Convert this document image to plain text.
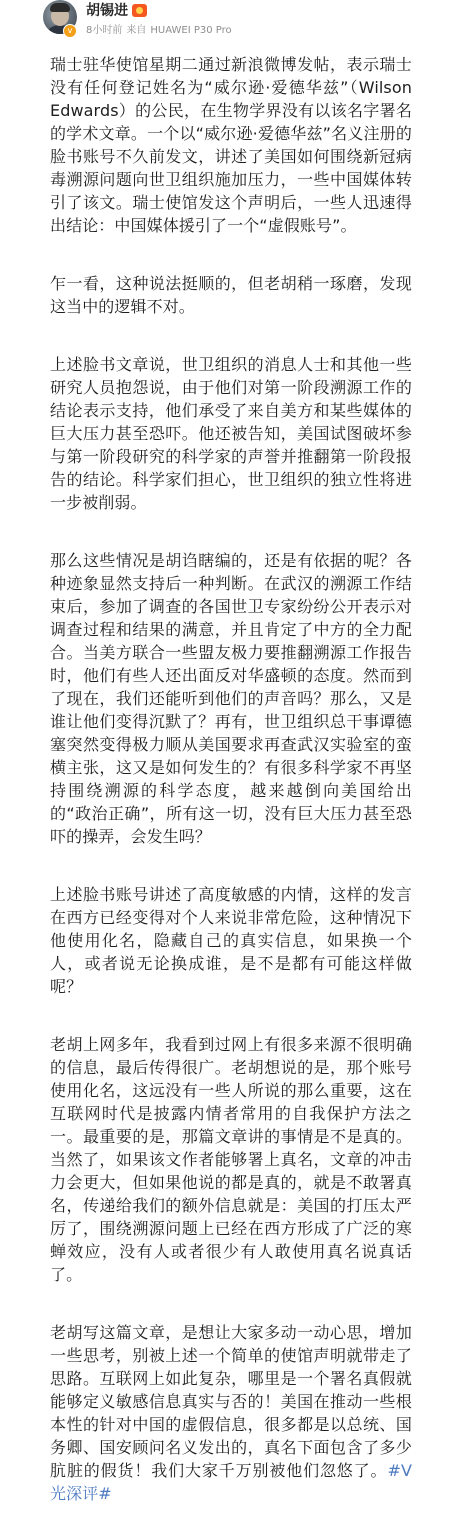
v
胡锡进
8小时前 来自 HUAWEI P30 Pro

瑞士驻华使馆星期二通过新浪微博发帖，表示瑞士没有任何登记姓名为“威尔逊·爱德华兹”（Wilson Edwards）的公民，在生物学界没有以该名字署名的学术文章。一个以“威尔逊·爱德华兹”名义注册的脸书账号不久前发文，讲述了美国如何围绕新冠病毒溯源问题向世卫组织施加压力，一些中国媒体转引了该文。瑞士使馆发这个声明后，一些人迅速得出结论：中国媒体援引了一个“虚假账号”。

乍一看，这种说法挺顺的，但老胡稍一琢磨，发现这当中的逻辑不对。

上述脸书文章说，世卫组织的消息人士和其他一些研究人员抱怨说，由于他们对第一阶段溯源工作的结论表示支持，他们承受了来自美方和某些媒体的巨大压力甚至恐吓。他还被告知，美国试图破坏参与第一阶段研究的科学家的声誉并推翻第一阶段报告的结论。科学家们担心，世卫组织的独立性将进一步被削弱。

那么这些情况是胡诌瞎编的，还是有依据的呢？各种迹象显然支持后一种判断。在武汉的溯源工作结束后，参加了调查的各国世卫专家纷纷公开表示对调查过程和结果的满意，并且肯定了中方的全力配合。当美方联合一些盟友极力要推翻溯源工作报告时，他们有些人还出面反对华盛顿的态度。然而到了现在，我们还能听到他们的声音吗？那么，又是谁让他们变得沉默了？再有，世卫组织总干事谭德塞突然变得极力顺从美国要求再查武汉实验室的蛮横主张，这又是如何发生的？有很多科学家不再坚持围绕溯源的科学态度，越来越倒向美国给出的“政治正确”，所有这一切，没有巨大压力甚至恐吓的操弄，会发生吗？

上述脸书账号讲述了高度敏感的内情，这样的发言在西方已经变得对个人来说非常危险，这种情况下他使用化名，隐藏自己的真实信息，如果换一个人，或者说无论换成谁，是不是都有可能这样做呢？

老胡上网多年，我看到过网上有很多来源不很明确的信息，最后传得很广。老胡想说的是，那个账号使用化名，这远没有一些人所说的那么重要，这在互联网时代是披露内情者常用的自我保护方法之一。最重要的是，那篇文章讲的事情是不是真的。当然了，如果该文作者能够署上真名，文章的冲击力会更大，但如果他说的都是真的，就是不敢署真名，传递给我们的额外信息就是：美国的打压太严厉了，围绕溯源问题上已经在西方形成了广泛的寒蝉效应，没有人或者很少有人敢使用真名说真话了。

老胡写这篇文章，是想让大家多动一动心思，增加一些思考，别被上述一个简单的使馆声明就带走了思路。互联网上如此复杂，哪里是一个署名真假就能够定义敏感信息真实与否的！美国在推动一些根本性的针对中国的虚假信息，很多都是以总统、国务卿、国安顾问名义发出的，真名下面包含了多少肮脏的假货！我们大家千万别被他们忽悠了。#V光深评#
